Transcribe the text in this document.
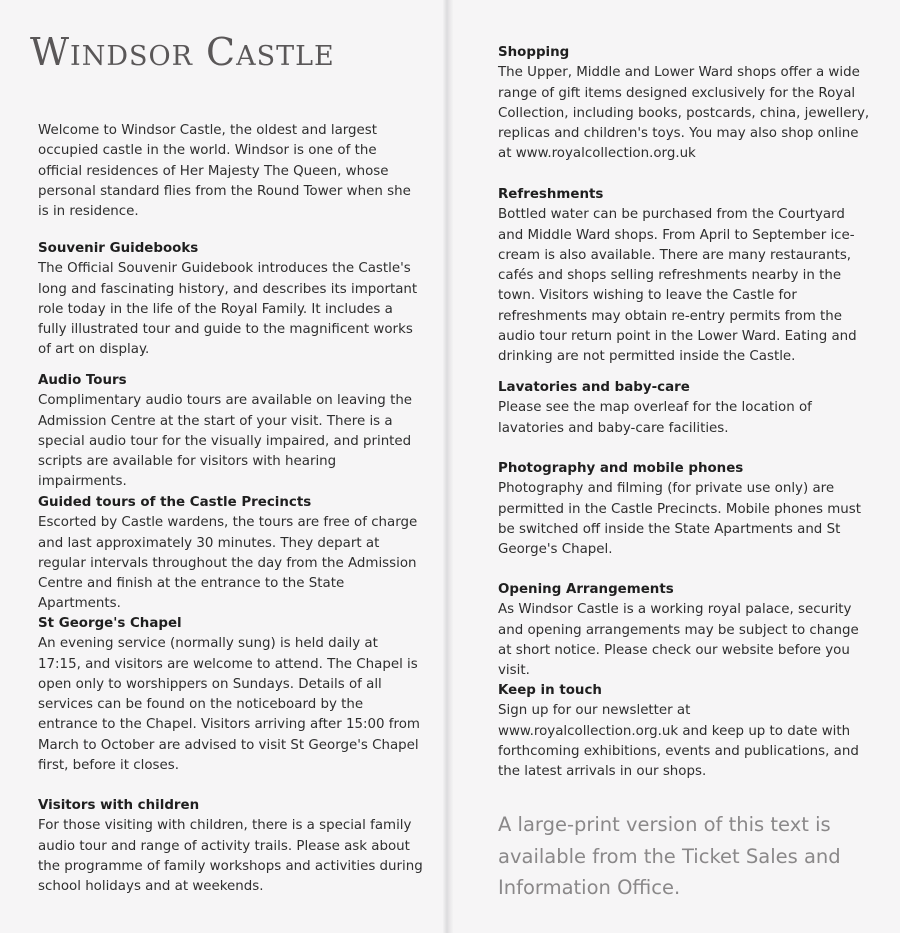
Windsor Castle

Welcome to Windsor Castle, the oldest and largest occupied castle in the world. Windsor is one of the official residences of Her Majesty The Queen, whose personal standard flies from the Round Tower when she is in residence.

Souvenir Guidebooks

The Official Souvenir Guidebook introduces the Castle's long and fascinating history, and describes its important role today in the life of the Royal Family. It includes a fully illustrated tour and guide to the magnificent works of art on display.

Audio Tours

Complimentary audio tours are available on leaving the Admission Centre at the start of your visit. There is a special audio tour for the visually impaired, and printed scripts are available for visitors with hearing impairments.

Guided tours of the Castle Precincts

Escorted by Castle wardens, the tours are free of charge and last approximately 30 minutes. They depart at regular intervals throughout the day from the Admission Centre and finish at the entrance to the State Apartments.

St George's Chapel

An evening service (normally sung) is held daily at 17:15, and visitors are welcome to attend. The Chapel is open only to worshippers on Sundays. Details of all services can be found on the noticeboard by the entrance to the Chapel. Visitors arriving after 15:00 from March to October are advised to visit St George's Chapel first, before it closes.

Visitors with children

For those visiting with children, there is a special family audio tour and range of activity trails. Please ask about the programme of family workshops and activities during school holidays and at weekends.

Shopping

The Upper, Middle and Lower Ward shops offer a wide range of gift items designed exclusively for the Royal Collection, including books, postcards, china, jewellery, replicas and children's toys. You may also shop online at www.royalcollection.org.uk

Refreshments

Bottled water can be purchased from the Courtyard and Middle Ward shops. From April to September ice-cream is also available. There are many restaurants, cafés and shops selling refreshments nearby in the town. Visitors wishing to leave the Castle for refreshments may obtain re-entry permits from the audio tour return point in the Lower Ward. Eating and drinking are not permitted inside the Castle.

Lavatories and baby-care

Please see the map overleaf for the location of lavatories and baby-care facilities.

Photography and mobile phones

Photography and filming (for private use only) are permitted in the Castle Precincts. Mobile phones must be switched off inside the State Apartments and St George's Chapel.

Opening Arrangements

As Windsor Castle is a working royal palace, security and opening arrangements may be subject to change at short notice. Please check our website before you visit.

Keep in touch

Sign up for our newsletter at www.royalcollection.org.uk and keep up to date with forthcoming exhibitions, events and publications, and the latest arrivals in our shops.

A large-print version of this text is available from the Ticket Sales and Information Office.
